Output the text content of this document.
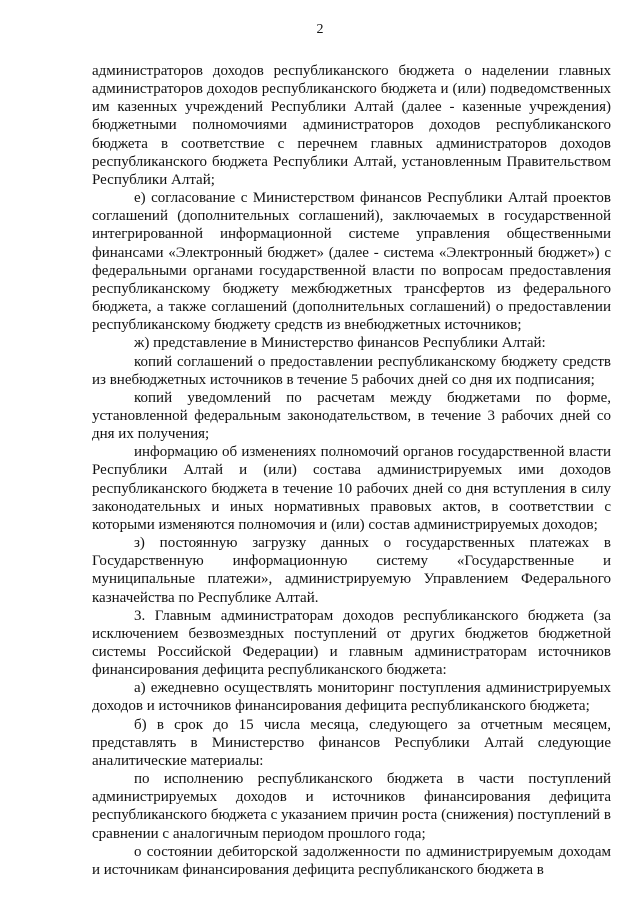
2

администраторов доходов республиканского бюджета о наделении главных администраторов доходов республиканского бюджета и (или) подведомственных им казенных учреждений Республики Алтай (далее - казенные учреждения) бюджетными полномочиями администраторов доходов республиканского бюджета в соответствие с перечнем главных администраторов доходов республиканского бюджета Республики Алтай, установленным Правительством Республики Алтай;

е) согласование с Министерством финансов Республики Алтай проектов соглашений (дополнительных соглашений), заключаемых в государственной интегрированной информационной системе управления общественными финансами «Электронный бюджет» (далее - система «Электронный бюджет») с федеральными органами государственной власти по вопросам предоставления республиканскому бюджету межбюджетных трансфертов из федерального бюджета, а также соглашений (дополнительных соглашений) о предоставлении республиканскому бюджету средств из внебюджетных источников;

ж) представление в Министерство финансов Республики Алтай:

копий соглашений о предоставлении республиканскому бюджету средств из внебюджетных источников в течение 5 рабочих дней со дня их подписания;

копий уведомлений по расчетам между бюджетами по форме, установленной федеральным законодательством, в течение 3 рабочих дней со дня их получения;

информацию об изменениях полномочий органов государственной власти Республики Алтай и (или) состава администрируемых ими доходов республиканского бюджета в течение 10 рабочих дней со дня вступления в силу законодательных и иных нормативных правовых актов, в соответствии с которыми изменяются полномочия и (или) состав администрируемых доходов;

з) постоянную загрузку данных о государственных платежах в Государственную информационную систему «Государственные и муниципальные платежи», администрируемую Управлением Федерального казначейства по Республике Алтай.

3. Главным администраторам доходов республиканского бюджета (за исключением безвозмездных поступлений от других бюджетов бюджетной системы Российской Федерации) и главным администраторам источников финансирования дефицита республиканского бюджета:

а) ежедневно осуществлять мониторинг поступления администрируемых доходов и источников финансирования дефицита республиканского бюджета;

б) в срок до 15 числа месяца, следующего за отчетным месяцем, представлять в Министерство финансов Республики Алтай следующие аналитические материалы:

по исполнению республиканского бюджета в части поступлений администрируемых доходов и источников финансирования дефицита республиканского бюджета с указанием причин роста (снижения) поступлений в сравнении с аналогичным периодом прошлого года;

о состоянии дебиторской задолженности по администрируемым доходам и источникам финансирования дефицита республиканского бюджета в
